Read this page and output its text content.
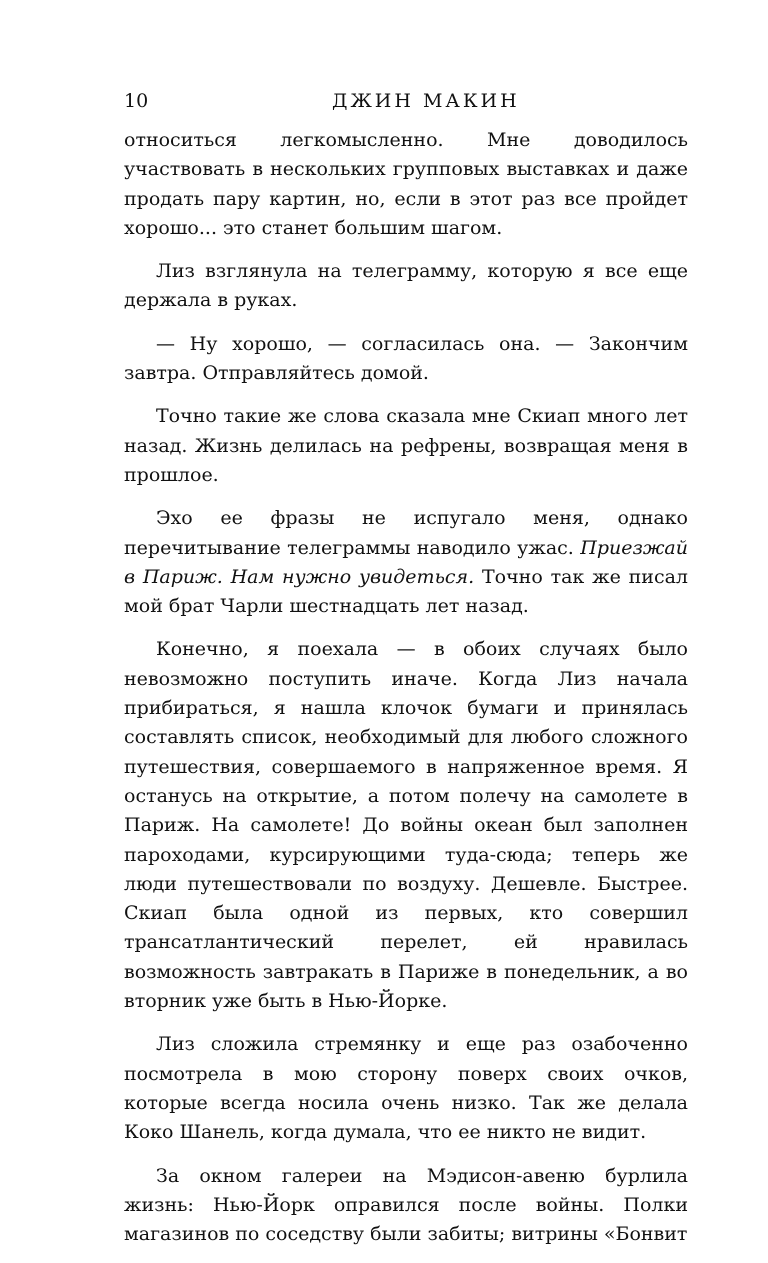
10	ДЖИН МАКИН

относиться легкомысленно. Мне доводилось участвовать в нескольких групповых выставках и даже продать пару картин, но, если в этот раз все пройдет хорошо... это станет большим шагом.

Лиз взглянула на телеграмму, которую я все еще держала в руках.

— Ну хорошо, — согласилась она. — Закончим завтра. Отправляйтесь домой.

Точно такие же слова сказала мне Скиап много лет назад. Жизнь делилась на рефрены, возвращая меня в прошлое.

Эхо ее фразы не испугало меня, однако перечитывание телеграммы наводило ужас. Приезжай в Париж. Нам нужно увидеться. Точно так же писал мой брат Чарли шестнадцать лет назад.

Конечно, я поехала — в обоих случаях было невозможно поступить иначе. Когда Лиз начала прибираться, я нашла клочок бумаги и принялась составлять список, необходимый для любого сложного путешествия, совершаемого в напряженное время. Я останусь на открытие, а потом полечу на самолете в Париж. На самолете! До войны океан был заполнен пароходами, курсирующими туда-сюда; теперь же люди путешествовали по воздуху. Дешевле. Быстрее. Скиап была одной из первых, кто совершил трансатлантический перелет, ей нравилась возможность завтракать в Париже в понедельник, а во вторник уже быть в Нью-Йорке.

Лиз сложила стремянку и еще раз озабоченно посмотрела в мою сторону поверх своих очков, которые всегда носила очень низко. Так же делала Коко Шанель, когда думала, что ее никто не видит.

За окном галереи на Мэдисон-авеню бурлила жизнь: Нью-Йорк оправился после войны. Полки магазинов по соседству были забиты; витрины «Бонвит
